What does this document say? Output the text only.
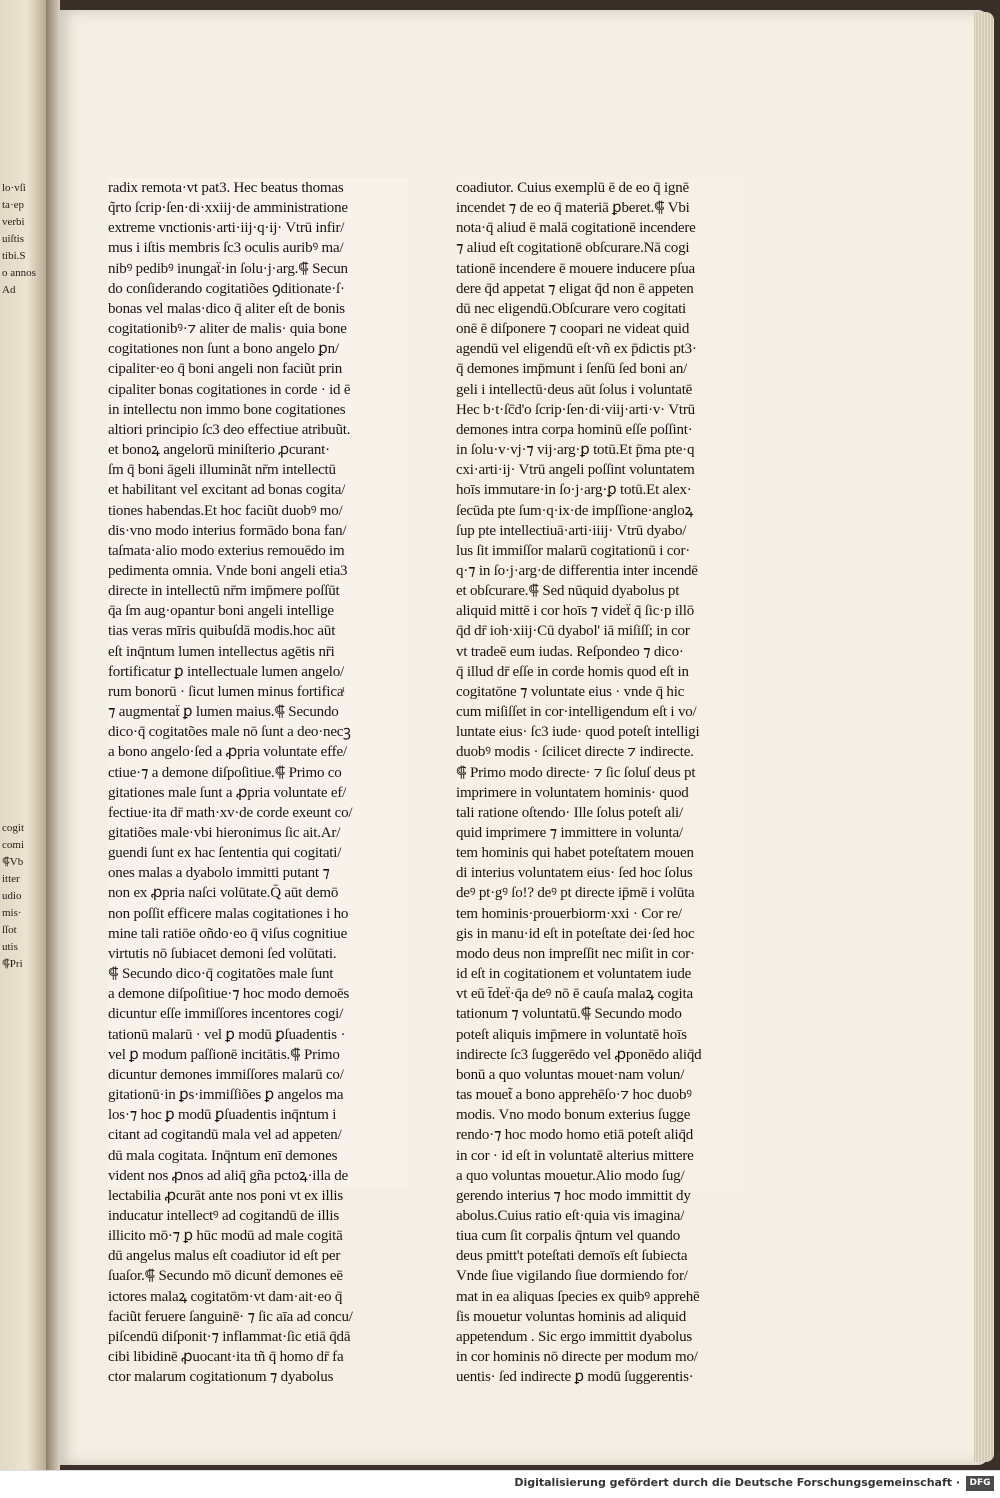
lo·vſi
ta·ep
verbi
uiſtis
tibi.S
o annos
Ad
cogit
comi
⸿Vb
itter
udio
mis·
ſſot
utis
⸿Pri
radix remota·vt pat3. Hec beatus thomas
q̃rto ſcrip·ſen·di·xxiij·de amministratione
extreme vnctionis·arti·iij·q·ij· Vtrū infir/
mus i iſtis membris ſc3 oculis auribꝰ ma/
nibꝰ pedibꝰ inungaẗ·in ſolu·j·arg.⸿ Secun
do conſiderando cogitatiões ꝯditionate·ſ·
bonas vel malas·dico q̄ aliter eſt de bonis
cogitationibꝰ·⁊ aliter de malis· quia bone
cogitationes non ſunt a bono angelo ꝑn/
cipaliter·eo q̄ boni angeli non faciũt prin
cipaliter bonas cogitationes in corde · id ē
in intellectu non immo bone cogitationes
altiori principio ſc3 deo effectiue atribuũt.
et bonoꝝ angelorū miniſterio ꝓcurant·
ſm q̄ boni āgeli illuminãt nr̄m intellectū
et habilitant vel excitant ad bonas cogita/
tiones habendas.Et hoc faciũt duobꝰ mo/
dis·vno modo interius formādo bona fan/
taſmata·alio modo exterius remouēdo im
pedimenta omnia. Vnde boni angeli etia3
directe in intellectū nr̄m imp̄mere poſſūt
q̄a ſm aug·opantur boni angeli intellige
tias veras mīris quibuſdā modis.hoc aūt
eſt inq̄ntum lumen intellectus agētis nr̄i
fortificatur ꝑ intellectuale lumen angelo/
rum bonorū · ſicut lumen minus fortificaͭ
⁊ augmentaẗ ꝑ lumen maius.⸿ Secundo
dico·q̄ cogitatões male nō ſunt a deo·necꝫ
a bono angelo·ſed a ꝓpria voluntate effe/
ctiue·⁊ a demone diſpoſitiue.⸿ Primo co
gitationes male ſunt a ꝓpria voluntate ef/
fectiue·ita dr̄ math·xv·de corde exeunt co/
gitatiões male·vbi hieronimus ſic ait.Ar/
guendi ſunt ex hac ſententia qui cogitati/
ones malas a dyabolo immitti putant ⁊
non ex ꝓpria naſci volūtate.Q̄ aūt demō
non poſſit efficere malas cogitationes i ho
mine tali ratiōe oñdo·eo q̄ viſus cognitiue
virtutis nō ſubiacet demoni ſed volūtati.
⸿ Secundo dico·q̄ cogitatões male ſunt
a demone diſpoſitiue·⁊ hoc modo demoēs
dicuntur eſſe immiſſores incentores cogi/
tationū malarū · vel ꝑ modū ꝑſuadentis ·
vel ꝑ modum paſſionē incitātis.⸿ Primo
dicuntur demones immiſſores malarū co/
gitationū·in ꝑs·immiſſiões ꝑ angelos ma
los·⁊ hoc ꝑ modū ꝑſuadentis inq̄ntum i
citant ad cogitandū mala vel ad appeten/
dū mala cogitata. Inq̄ntum enī demones
vident nos ꝓnos ad aliq̄ gña pctoꝝ·illa de
lectabilia ꝓcurāt ante nos poni vt ex illis
inducatur intellectꝰ ad cogitandū de illis
illicito mō·⁊ ꝑ hūc modū ad male cogitā
dū angelus malus eſt coadiutor id eſt per
ſuaſor.⸿ Secundo mō dicunẗ demones eē
ictores malaꝝ cogitatōm·vt dam·ait·eo q̄
faciũt feruere ſanguinē· ⁊ ſic aīa ad concu/
piſcendū diſponit·⁊ inflammat·ſic etiā q̄dā
cibi libidinē ꝓuocant·ita tñ q̄ homo dr̄ fa
ctor malarum cogitationum ⁊ dyabolus
coadiutor. Cuius exemplū ē de eo q̄ ignē
incendet ⁊ de eo q̄ materiā ꝑberet.⸿ Vbi
nota·q̄ aliud ē malā cogitationē incendere
⁊ aliud eſt cogitationē obſcurare.Nā cogi
tationē incendere ē mouere inducere pſua
dere q̄d appetat ⁊ eligat q̄d non ē appeten
dū nec eligendū.Obſcurare vero cogitati
onē ē diſponere ⁊ coopari ne videat quid
agendū vel eligendū eſt·vñ ex p̄dictis pt3·
q̄ demones imp̄munt i ſenſū ſed boni an/
geli i intellectū·deus aūt ſolus i voluntatē
Hec b·t·ſc̄d'o ſcrip·ſen·di·viij·arti·v· Vtrū
demones intra corpa hominū eſſe poſſint·
in ſolu·v·vj·⁊ vij·arg·ꝑ totū.Et p̄ma pte·q
cxi·arti·ij· Vtrū angeli poſſint voluntatem
hoīs immutare·in ſo·j·arg·ꝑ totū.Et alex·
ſecūda pte ſum·q·ix·de impſſione·angloꝝ
ſup pte intellectiuā·arti·iiij· Vtrū dyabo/
lus ſit immiſſor malarū cogitationū i cor·
q·⁊ in ſo·j·arg·de differentia inter incendē
et obſcurare.⸿ Sed nūquid dyabolus pt
aliquid mittē i cor hoīs ⁊ videẗ q̄ ſic·p illō
q̄d dr̄ ioh·xiij·Cū dyabol' iā miſiſſ; in cor
vt tradeē eum iudas. Reſpondeo ⁊ dico·
q̄ illud dr̄ eſſe in corde homis quod eſt in
cogitatōne ⁊ voluntate eius · vnde q̄ hic
cum miſiſſet in cor·intelligendum eſt i vo/
luntate eius· ſc3 iude· quod poteſt intelligi
duobꝰ modis · ſcilicet directe ⁊ indirecte.
⸿ Primo modo directe· ⁊ ſic ſoluſ deus pt
imprimere in voluntatem hominis· quod
tali ratione oſtendo· Ille ſolus poteſt ali/
quid imprimere ⁊ immittere in volunta/
tem hominis qui habet poteſtatem mouen
di interius voluntatem eius· ſed hoc ſolus
deꝰ pt·gꝰ ſo!? deꝰ pt directe ip̄mē i volūta
tem hominis·prouerbiorm·xxi · Cor re/
gis in manu·id eſt in poteſtate dei·ſed hoc
modo deus non impreſſit nec miſit in cor·
id eſt in cogitationem et voluntatem iude
vt eū t̄deẗ·q̄a deꝰ nō ē cauſa malaꝝ cogita
tationum ⁊ voluntatū.⸿ Secundo modo
poteſt aliquis imp̄mere in voluntatē hoīs
indirecte ſc3 ſuggerēdo vel ꝓponēdo aliq̄d
bonū a quo voluntas mouet·nam volun/
tas mouet̃ a bono apprehēſo·⁊ hoc duobꝰ
modis. Vno modo bonum exterius ſugge
rendo·⁊ hoc modo homo etiā poteſt aliq̄d
in cor · id eſt in voluntatē alterius mittere
a quo voluntas mouetur.Alio modo ſug/
gerendo interius ⁊ hoc modo immittit dy
abolus.Cuius ratio eſt·quia vis imagina/
tiua cum ſit corpalis q̄ntum vel quando
deus pmitt't poteſtati demoīs eſt ſubiecta
Vnde ſiue vigilando ſiue dormiendo for/
mat in ea aliquas ſpecies ex quibꝰ apprehē
ſis mouetur voluntas hominis ad aliquid
appetendum . Sic ergo immittit dyabolus
in cor hominis nō directe per modum mo/
uentis· ſed indirecte ꝑ modū ſuggerentis·
Digitalisierung gefördert durch die Deutsche Forschungsgemeinschaft ·	DFG
